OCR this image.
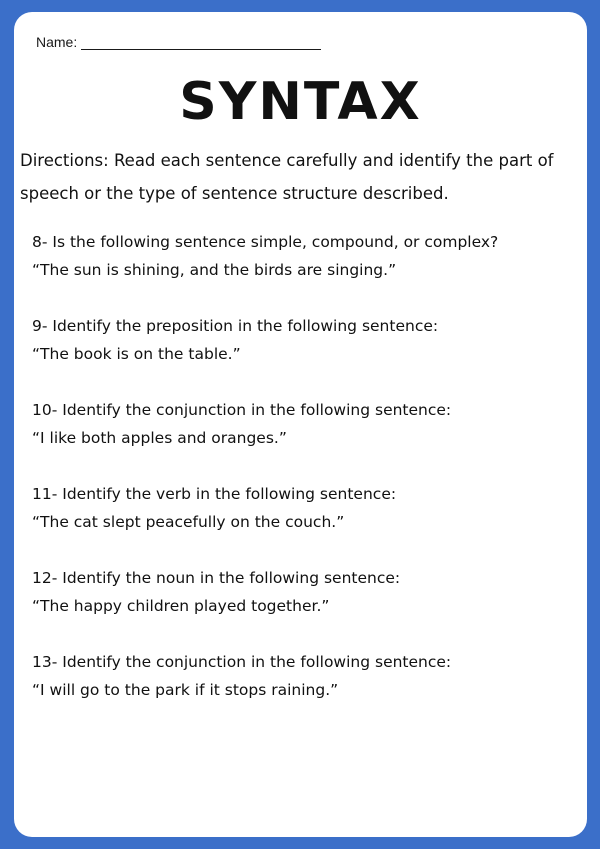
Name:
SYNTAX
Directions: Read each sentence carefully and identify the part of speech or the type of sentence structure described.
8- Is the following sentence simple, compound, or complex?
“The sun is shining, and the birds are singing.”
9- Identify the preposition in the following sentence:
“The book is on the table.”
10- Identify the conjunction in the following sentence:
“I like both apples and oranges.”
11- Identify the verb in the following sentence:
“The cat slept peacefully on the couch.”
12- Identify the noun in the following sentence:
“The happy children played together.”
13- Identify the conjunction in the following sentence:
“I will go to the park if it stops raining.”
